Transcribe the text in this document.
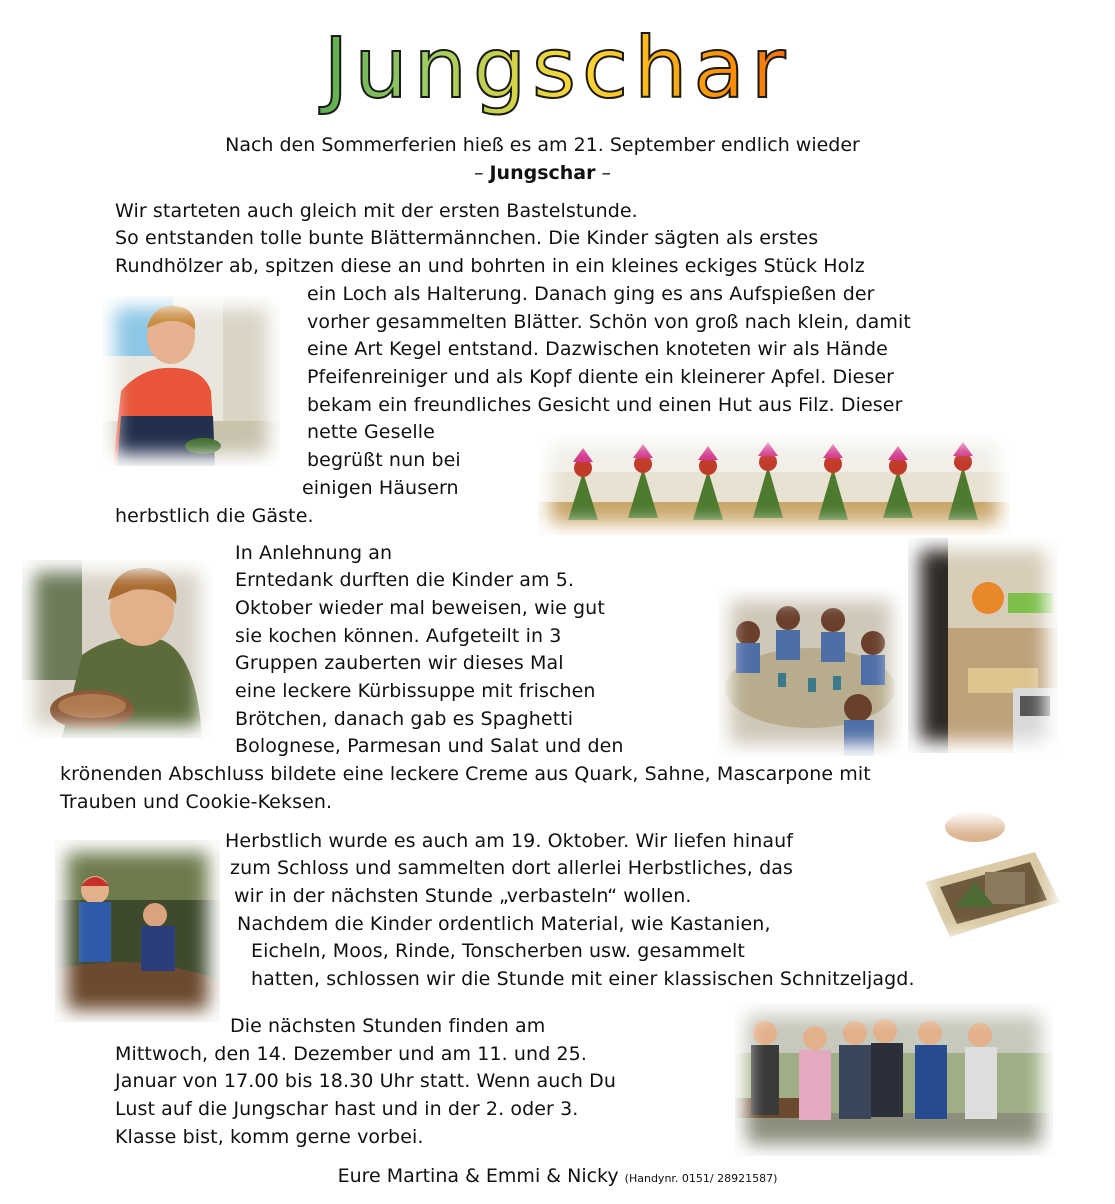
Jungschar
Nach den Sommerferien hieß es am 21. September endlich wieder
– Jungschar –
Wir starteten auch gleich mit der ersten Bastelstunde.
So entstanden tolle bunte Blättermännchen. Die Kinder sägten als erstes
Rundhölzer ab, spitzen diese an und bohrten in ein kleines eckiges Stück Holz
ein Loch als Halterung. Danach ging es ans Aufspießen der
vorher gesammelten Blätter. Schön von groß nach klein, damit
eine Art Kegel entstand. Dazwischen knoteten wir als Hände
Pfeifenreiniger und als Kopf diente ein kleinerer Apfel. Dieser
bekam ein freundliches Gesicht und einen Hut aus Filz. Dieser
nette Geselle
begrüßt nun bei
einigen Häusern
herbstlich die Gäste.
In Anlehnung an
Erntedank durften die Kinder am 5.
Oktober wieder mal beweisen, wie gut
sie kochen können. Aufgeteilt in 3
Gruppen zauberten wir dieses Mal
eine leckere Kürbissuppe mit frischen
Brötchen, danach gab es Spaghetti
Bolognese, Parmesan und Salat und den
krönenden Abschluss bildete eine leckere Creme aus Quark, Sahne, Mascarpone mit
Trauben und Cookie-Keksen.
Herbstlich wurde es auch am 19. Oktober. Wir liefen hinauf
zum Schloss und sammelten dort allerlei Herbstliches, das
wir in der nächsten Stunde „verbasteln“ wollen.
Nachdem die Kinder ordentlich Material, wie Kastanien,
Eicheln, Moos, Rinde, Tonscherben usw. gesammelt
hatten, schlossen wir die Stunde mit einer klassischen Schnitzeljagd.
Die nächsten Stunden finden am
Mittwoch, den 14. Dezember und am 11. und 25.
Januar von 17.00 bis 18.30 Uhr statt. Wenn auch Du
Lust auf die Jungschar hast und in der 2. oder 3.
Klasse bist, komm gerne vorbei.
Eure Martina & Emmi & Nicky (Handynr. 0151/ 28921587)
